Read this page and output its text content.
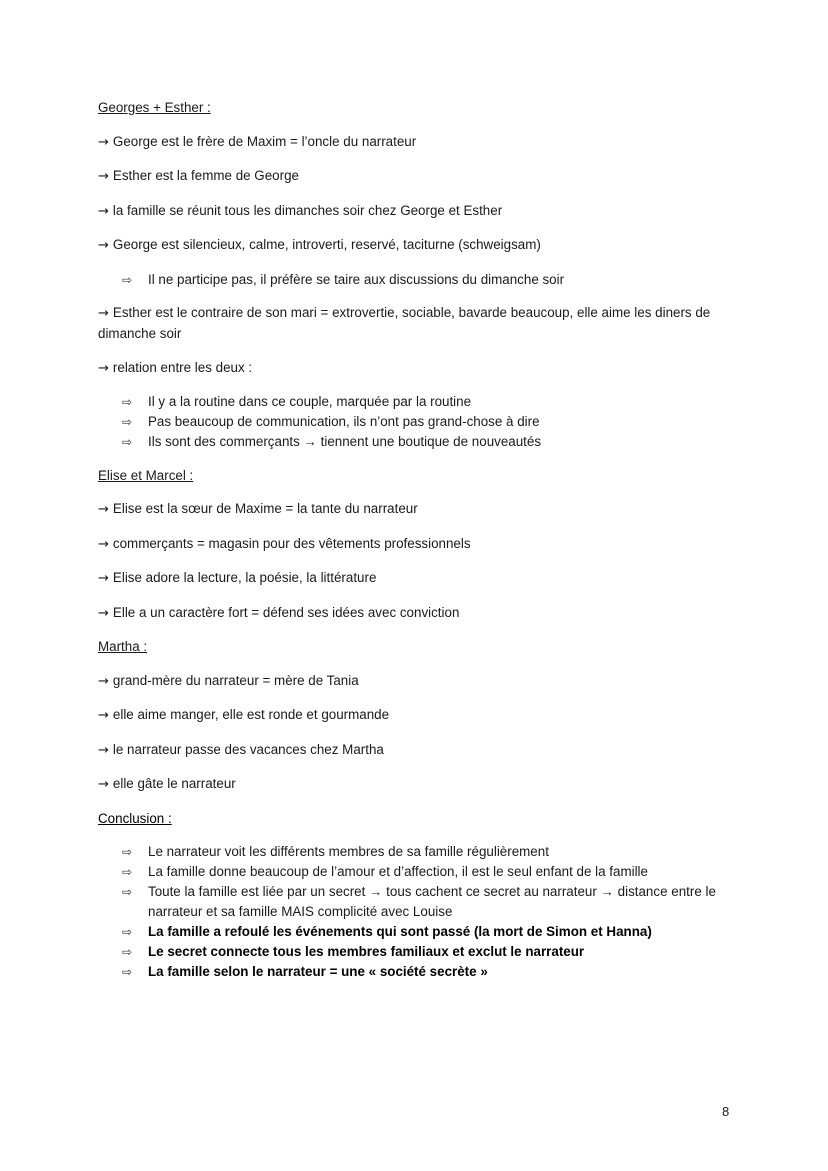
Georges + Esther :
→ George est le frère de Maxim = l’oncle du narrateur
→ Esther est la femme de George
→ la famille se réunit tous les dimanches soir chez George et Esther
→ George est silencieux, calme, introverti, reservé, taciturne (schweigsam)
⇨	Il ne participe pas, il préfère se taire aux discussions du dimanche soir
→ Esther est le contraire de son mari = extrovertie, sociable, bavarde beaucoup, elle aime les diners de dimanche soir
→ relation entre les deux :
⇨	Il y a la routine dans ce couple, marquée par la routine
⇨	Pas beaucoup de communication, ils n’ont pas grand-chose à dire
⇨	Ils sont des commerçants → tiennent une boutique de nouveautés
Elise et Marcel :
→ Elise est la sœur de Maxime = la tante du narrateur
→ commerçants = magasin pour des vêtements professionnels
→ Elise adore la lecture, la poésie, la littérature
→ Elle a un caractère fort = défend ses idées avec conviction
Martha :
→ grand-mère du narrateur = mère de Tania
→ elle aime manger, elle est ronde et gourmande
→ le narrateur passe des vacances chez Martha
→ elle gâte le narrateur
Conclusion :
⇨	Le narrateur voit les différents membres de sa famille régulièrement
⇨	La famille donne beaucoup de l’amour et d’affection, il est le seul enfant de la famille
⇨	Toute la famille est liée par un secret → tous cachent ce secret au narrateur → distance entre le narrateur et sa famille MAIS complicité avec Louise
⇨	La famille a refoulé les événements qui sont passé (la mort de Simon et Hanna)
⇨	Le secret connecte tous les membres familiaux et exclut le narrateur
⇨	La famille selon le narrateur = une « société secrète »
8
